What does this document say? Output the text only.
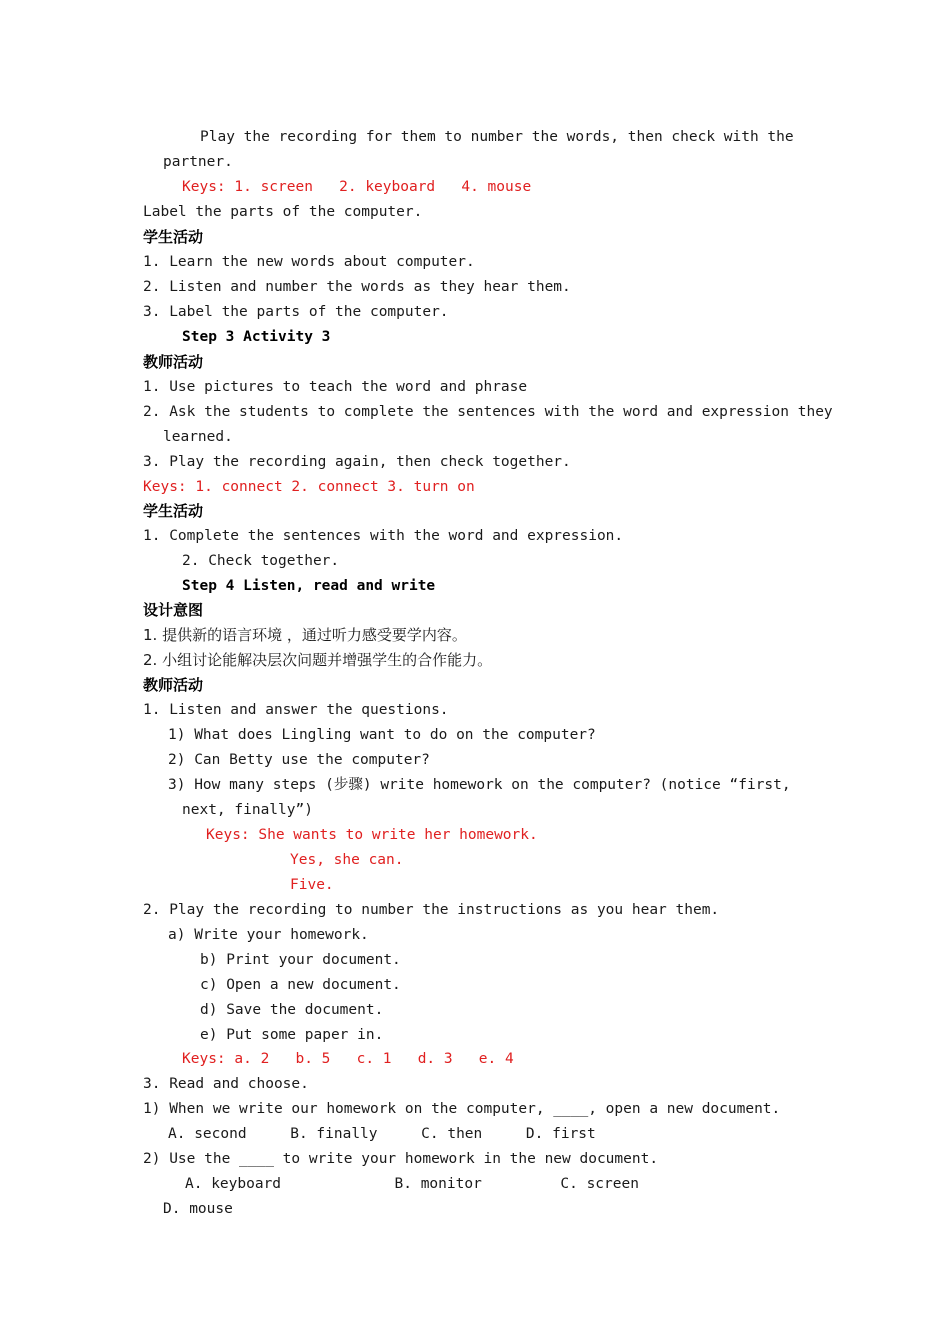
Play the recording for them to number the words, then check with the
partner.
Keys: 1. screen   2. keyboard   4. mouse
Label the parts of the computer.
学生活动
1. Learn the new words about computer.
2. Listen and number the words as they hear them.
3. Label the parts of the computer.
Step 3 Activity 3
教师活动
1. Use pictures to teach the word and phrase
2. Ask the students to complete the sentences with the word and expression they
learned.
3. Play the recording again, then check together.
Keys: 1. connect 2. connect 3. turn on
学生活动
1. Complete the sentences with the word and expression.
2. Check together.
Step 4 Listen, read and write
设计意图
1. 提供新的语言环境 ，通过听力感受要学内容。
2. 小组讨论能解决层次问题并增强学生的合作能力。
教师活动
1. Listen and answer the questions.
1) What does Lingling want to do on the computer?
2) Can Betty use the computer?
3) How many steps (步骤) write homework on the computer? (notice “first,
next, finally”)
Keys: She wants to write her homework.
Yes, she can.
Five.
2. Play the recording to number the instructions as you hear them.
a) Write your homework.
b) Print your document.
c) Open a new document.
d) Save the document.
e) Put some paper in.
Keys: a. 2   b. 5   c. 1   d. 3   e. 4
3. Read and choose.
1) When we write our homework on the computer, ____, open a new document.
A. second     B. finally     C. then     D. first
2) Use the ____ to write your homework in the new document.
A. keyboard             B. monitor         C. screen
D. mouse
